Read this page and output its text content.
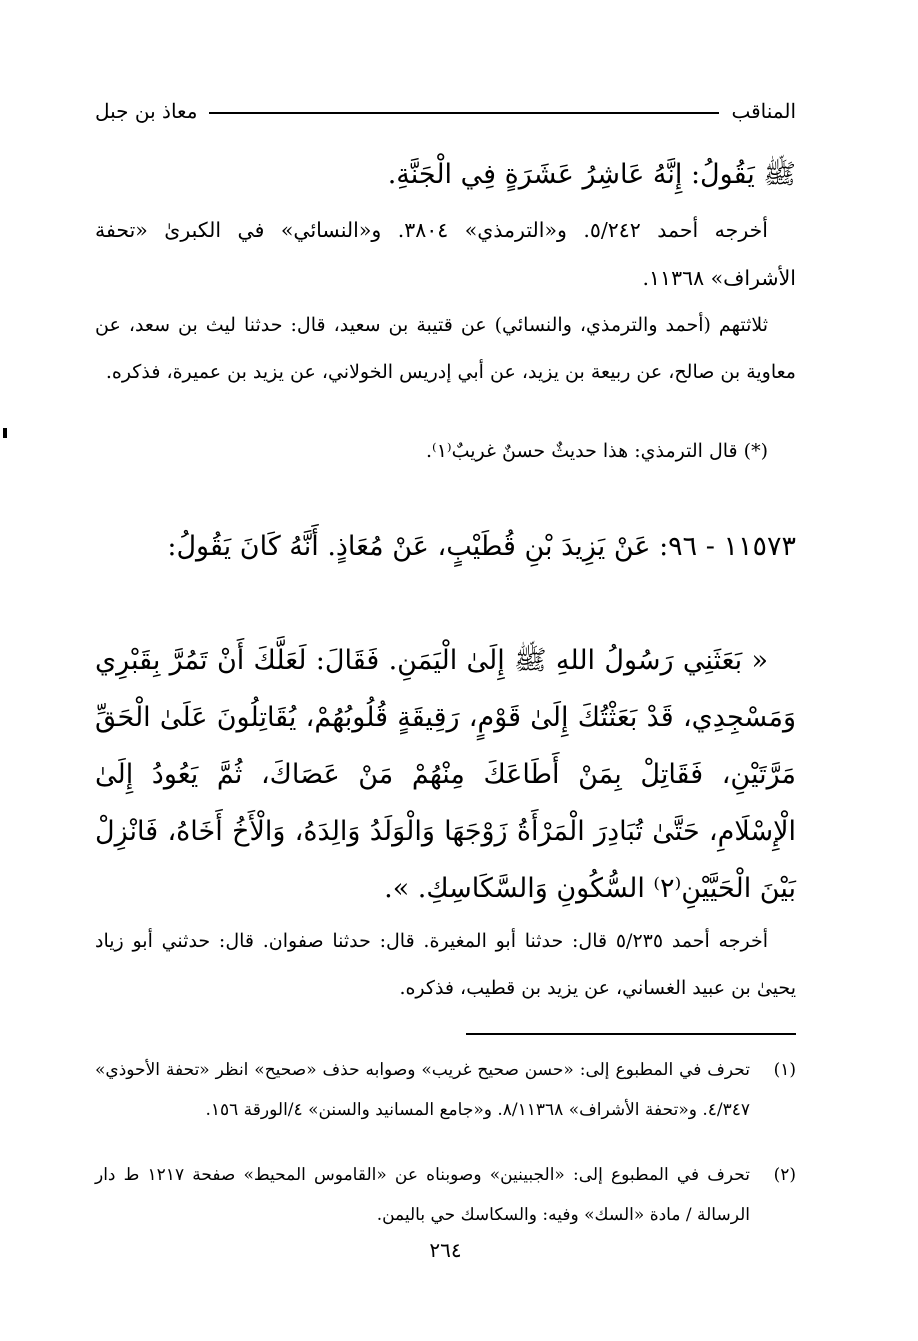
المناقب
معاذ بن جبل
ﷺ يَقُولُ: إِنَّهُ عَاشِرُ عَشَرَةٍ فِي الْجَنَّةِ.
أخرجه أحمد ٥/٢٤٢. و«الترمذي» ٣٨٠٤. و«النسائي» في الكبرىٰ «تحفة الأشراف» ١١٣٦٨.
ثلاثتهم (أحمد والترمذي، والنسائي) عن قتيبة بن سعيد، قال: حدثنا ليث بن سعد، عن معاوية بن صالح، عن ربيعة بن يزيد، عن أبي إدريس الخولاني، عن يزيد بن عميرة، فذكره.
(*) قال الترمذي: هذا حديثٌ حسنٌ غريبٌ⁽١⁾.
١١٥٧٣ - ٩٦: عَنْ يَزِيدَ بْنِ قُطَيْبٍ، عَنْ مُعَاذٍ. أَنَّهُ كَانَ يَقُولُ:
« بَعَثَنِي رَسُولُ اللهِ ﷺ إِلَىٰ الْيَمَنِ. فَقَالَ: لَعَلَّكَ أَنْ تَمُرَّ بِقَبْرِي وَمَسْجِدِي، قَدْ بَعَثْتُكَ إِلَىٰ قَوْمٍ، رَقِيقَةٍ قُلُوبُهُمْ، يُقَاتِلُونَ عَلَىٰ الْحَقِّ مَرَّتَيْنِ، فَقَاتِلْ بِمَنْ أَطَاعَكَ مِنْهُمْ مَنْ عَصَاكَ، ثُمَّ يَعُودُ إِلَىٰ الْإِسْلَامِ، حَتَّىٰ تُبَادِرَ الْمَرْأَةُ زَوْجَهَا وَالْوَلَدُ وَالِدَهُ، وَالْأَخُ أَخَاهُ، فَانْزِلْ بَيْنَ الْحَيَّيْنِ⁽٢⁾ السُّكُونِ وَالسَّكَاسِكِ. ».
أخرجه أحمد ٥/٢٣٥ قال: حدثنا أبو المغيرة. قال: حدثنا صفوان. قال: حدثني أبو زياد يحيىٰ بن عبيد الغساني، عن يزيد بن قطيب، فذكره.
(١)
تحرف في المطبوع إلى: «حسن صحيح غريب» وصوابه حذف «صحيح» انظر «تحفة الأحوذي» ٤/٣٤٧. و«تحفة الأشراف» ٨/١١٣٦٨. و«جامع المسانيد والسنن» ٤/الورقة ١٥٦.
(٢)
تحرف في المطبوع إلى: «الجبينين» وصوبناه عن «القاموس المحيط» صفحة ١٢١٧ ط دار الرسالة / مادة «السك» وفيه: والسكاسك حي باليمن.
٢٦٤
